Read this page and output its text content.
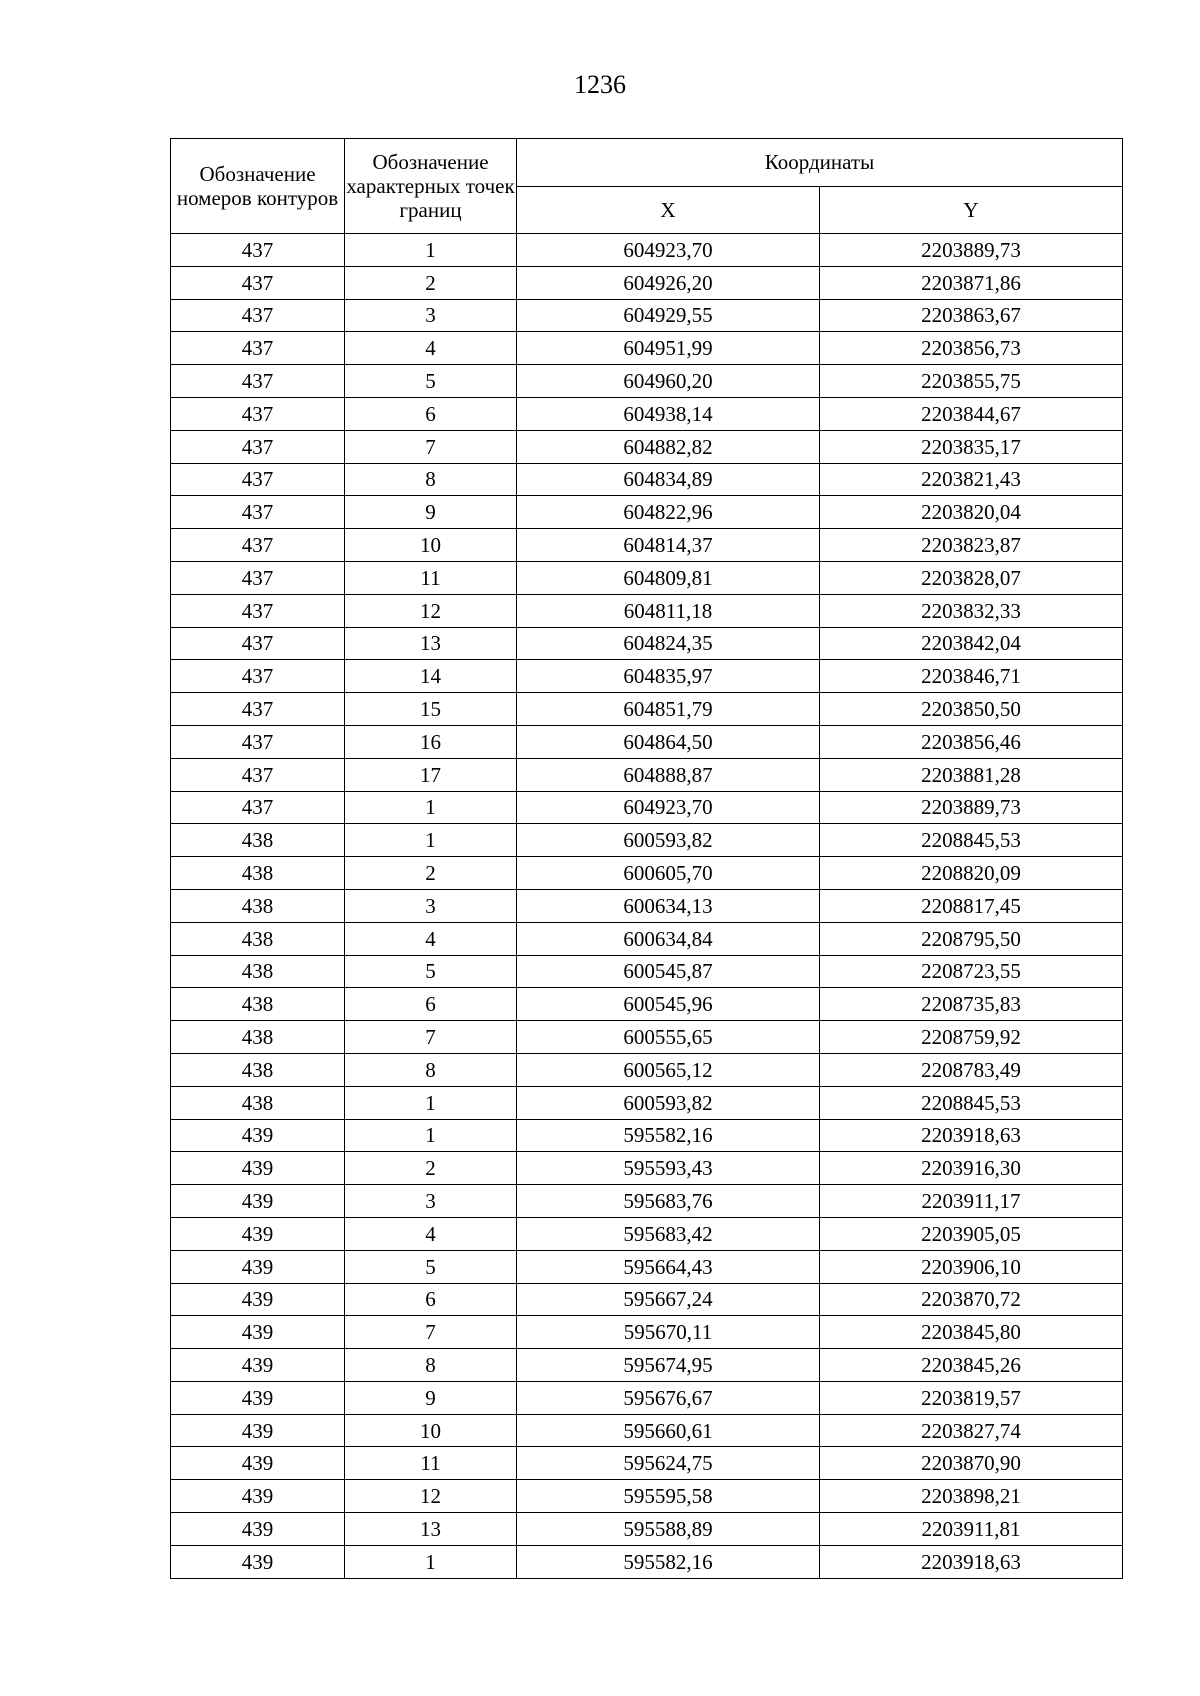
1236
Обозначение номеров контуров	Обозначение характерных точек границ	Координаты	
		X	Y
437	1	604923,70	2203889,73
437	2	604926,20	2203871,86
437	3	604929,55	2203863,67
437	4	604951,99	2203856,73
437	5	604960,20	2203855,75
437	6	604938,14	2203844,67
437	7	604882,82	2203835,17
437	8	604834,89	2203821,43
437	9	604822,96	2203820,04
437	10	604814,37	2203823,87
437	11	604809,81	2203828,07
437	12	604811,18	2203832,33
437	13	604824,35	2203842,04
437	14	604835,97	2203846,71
437	15	604851,79	2203850,50
437	16	604864,50	2203856,46
437	17	604888,87	2203881,28
437	1	604923,70	2203889,73
438	1	600593,82	2208845,53
438	2	600605,70	2208820,09
438	3	600634,13	2208817,45
438	4	600634,84	2208795,50
438	5	600545,87	2208723,55
438	6	600545,96	2208735,83
438	7	600555,65	2208759,92
438	8	600565,12	2208783,49
438	1	600593,82	2208845,53
439	1	595582,16	2203918,63
439	2	595593,43	2203916,30
439	3	595683,76	2203911,17
439	4	595683,42	2203905,05
439	5	595664,43	2203906,10
439	6	595667,24	2203870,72
439	7	595670,11	2203845,80
439	8	595674,95	2203845,26
439	9	595676,67	2203819,57
439	10	595660,61	2203827,74
439	11	595624,75	2203870,90
439	12	595595,58	2203898,21
439	13	595588,89	2203911,81
439	1	595582,16	2203918,63
